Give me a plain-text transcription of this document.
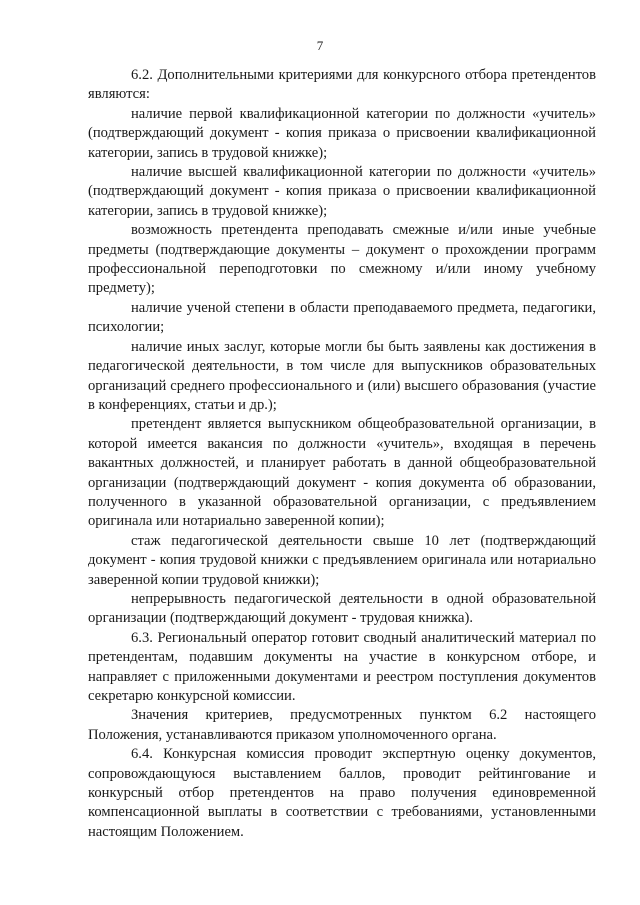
7

6.2. Дополнительными критериями для конкурсного отбора претендентов являются:

наличие первой квалификационной категории по должности «учитель» (подтверждающий документ - копия приказа о присвоении квалификационной категории, запись в трудовой книжке);

наличие высшей квалификационной категории по должности «учитель» (подтверждающий документ - копия приказа о присвоении квалификационной категории, запись в трудовой книжке);

возможность претендента преподавать смежные и/или иные учебные предметы (подтверждающие документы – документ о прохождении программ профессиональной переподготовки по смежному и/или иному учебному предмету);

наличие ученой степени в области преподаваемого предмета, педагогики, психологии;

наличие иных заслуг, которые могли бы быть заявлены как достижения в педагогической деятельности, в том числе для выпускников образовательных организаций среднего профессионального и (или) высшего образования (участие в конференциях, статьи и др.);

претендент является выпускником общеобразовательной организации, в которой имеется вакансия по должности «учитель», входящая в перечень вакантных должностей, и планирует работать в данной общеобразовательной организации (подтверждающий документ - копия документа об образовании, полученного в указанной образовательной организации, с предъявлением оригинала или нотариально заверенной копии);

стаж педагогической деятельности свыше 10 лет (подтверждающий документ - копия трудовой книжки с предъявлением оригинала или нотариально заверенной копии трудовой книжки);

непрерывность педагогической деятельности в одной образовательной организации (подтверждающий документ - трудовая книжка).

6.3. Региональный оператор готовит сводный аналитический материал по претендентам, подавшим документы на участие в конкурсном отборе, и направляет с приложенными документами и реестром поступления документов секретарю конкурсной комиссии.

Значения критериев, предусмотренных пунктом 6.2 настоящего Положения, устанавливаются приказом уполномоченного органа.

6.4. Конкурсная комиссия проводит экспертную оценку документов, сопровождающуюся выставлением баллов, проводит рейтингование и конкурсный отбор претендентов на право получения единовременной компенсационной выплаты в соответствии с требованиями, установленными настоящим Положением.
